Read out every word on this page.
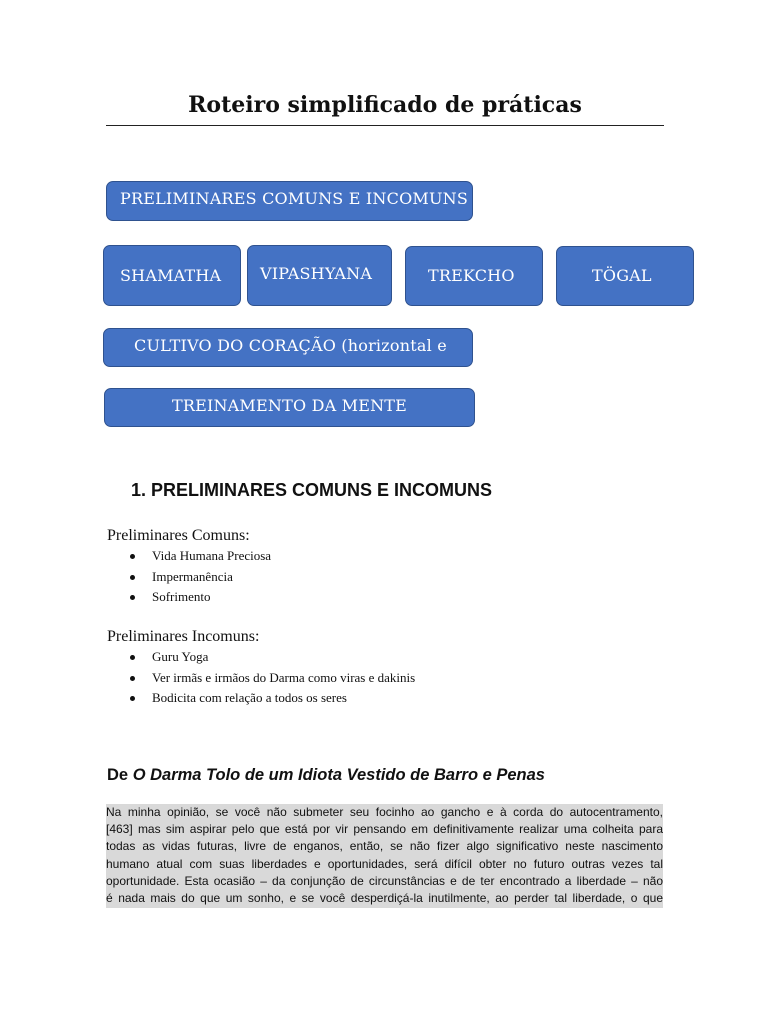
Roteiro simplificado de práticas
PRELIMINARES COMUNS E INCOMUNS
SHAMATHA VIPASHYANA	TREKCHO	TÖGAL
CULTIVO DO CORAÇÃO (horizontal e
TREINAMENTO DA MENTE
1. PRELIMINARES COMUNS E INCOMUNS
Preliminares Comuns:
Vida Humana Preciosa
Impermanência
Sofrimento
Preliminares Incomuns:
Guru Yoga
Ver irmãs e irmãos do Darma como viras e dakinis
Bodicita com relação a todos os seres
De O Darma Tolo de um Idiota Vestido de Barro e Penas
Na minha opinião, se você não submeter seu focinho ao gancho e à corda do autocentramento,
[463] mas sim aspirar pelo que está por vir pensando em definitivamente realizar uma colheita para
todas as vidas futuras, livre de enganos, então, se não fizer algo significativo neste nascimento
humano atual com suas liberdades e oportunidades, será difícil obter no futuro outras vezes tal
oportunidade. Esta ocasião – da conjunção de circunstâncias e de ter encontrado a liberdade – não
é nada mais do que um sonho, e se você desperdiçá-la inutilmente, ao perder tal liberdade, o que
